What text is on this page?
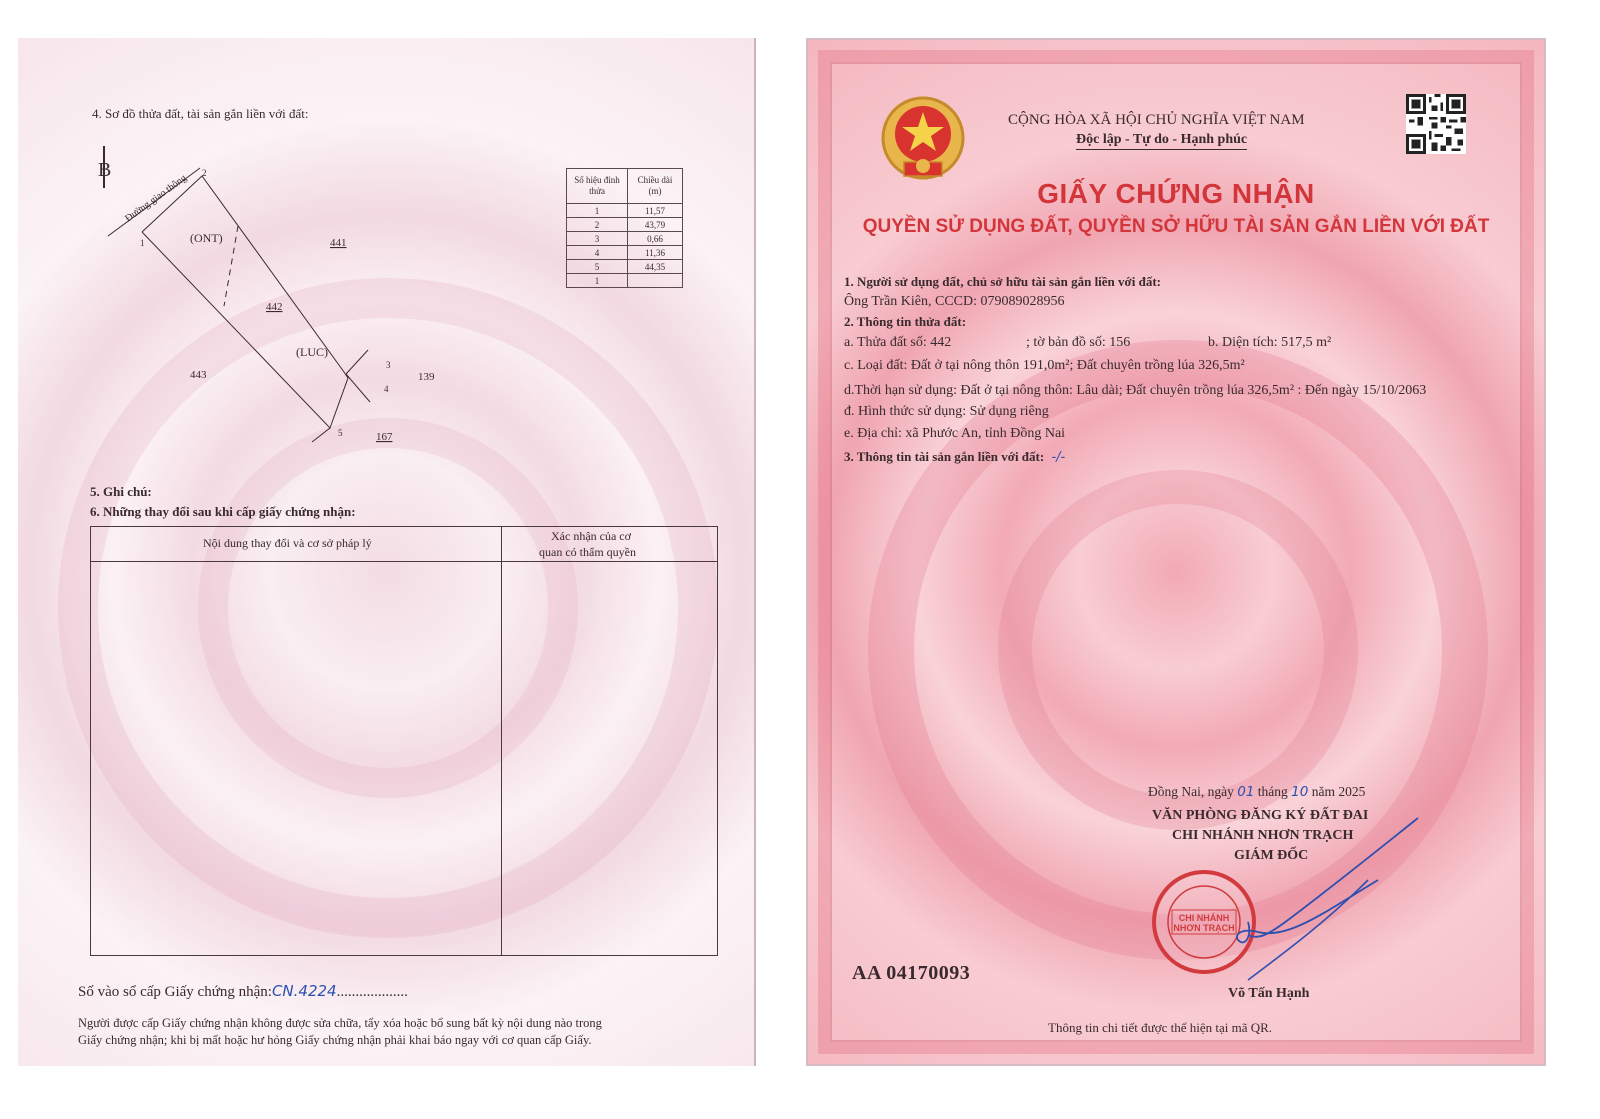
4. Sơ đồ thửa đất, tài sản gắn liền với đất:
B
Đường giao thông
1
2
3
4
5
(ONT)
(LUC)
441
442
443	139
167
Số hiệu đỉnh thửa	Chiều dài (m)
1	11,57
2	43,79
3	0,66
4	11,36
5	44,35
1	
5. Ghi chú:
6. Những thay đổi sau khi cấp giấy chứng nhận:
Nội dung thay đổi và cơ sở pháp lý	Xác nhận của cơ
quan có thẩm quyền
Số vào sổ cấp Giấy chứng nhận:CN.4224...................
Người được cấp Giấy chứng nhận không được sửa chữa, tẩy xóa hoặc bổ sung bất kỳ nội dung nào trong
Giấy chứng nhận; khi bị mất hoặc hư hỏng Giấy chứng nhận phải khai báo ngay với cơ quan cấp Giấy.
CỘNG HÒA XÃ HỘI CHỦ NGHĨA VIỆT NAM
Độc lập - Tự do - Hạnh phúc
GIẤY CHỨNG NHẬN
QUYỀN SỬ DỤNG ĐẤT, QUYỀN SỞ HỮU TÀI SẢN GẮN LIỀN VỚI ĐẤT
1. Người sử dụng đất, chủ sở hữu tài sản gắn liền với đất:
Ông Trần Kiên, CCCD: 079089028956
2. Thông tin thửa đất:
a. Thửa đất số: 442	; tờ bản đồ số: 156	b. Diện tích: 517,5 m²
c. Loại đất: Đất ở tại nông thôn 191,0m²; Đất chuyên trồng lúa 326,5m²
d.Thời hạn sử dụng: Đất ở tại nông thôn: Lâu dài; Đất chuyên trồng lúa 326,5m² : Đến ngày 15/10/2063
đ. Hình thức sử dụng: Sử dụng riêng
e. Địa chỉ: xã Phước An, tỉnh Đồng Nai
3. Thông tin tài sản gắn liền với đất: -/-
Đồng Nai, ngày 01 tháng 10 năm 2025
VĂN PHÒNG ĐĂNG KÝ ĐẤT ĐAI
CHI NHÁNH NHƠN TRẠCH
GIÁM ĐỐC
CHI NHÁNH
NHƠN TRẠCH
AA 04170093
Võ Tấn Hạnh
Thông tin chi tiết được thể hiện tại mã QR.
